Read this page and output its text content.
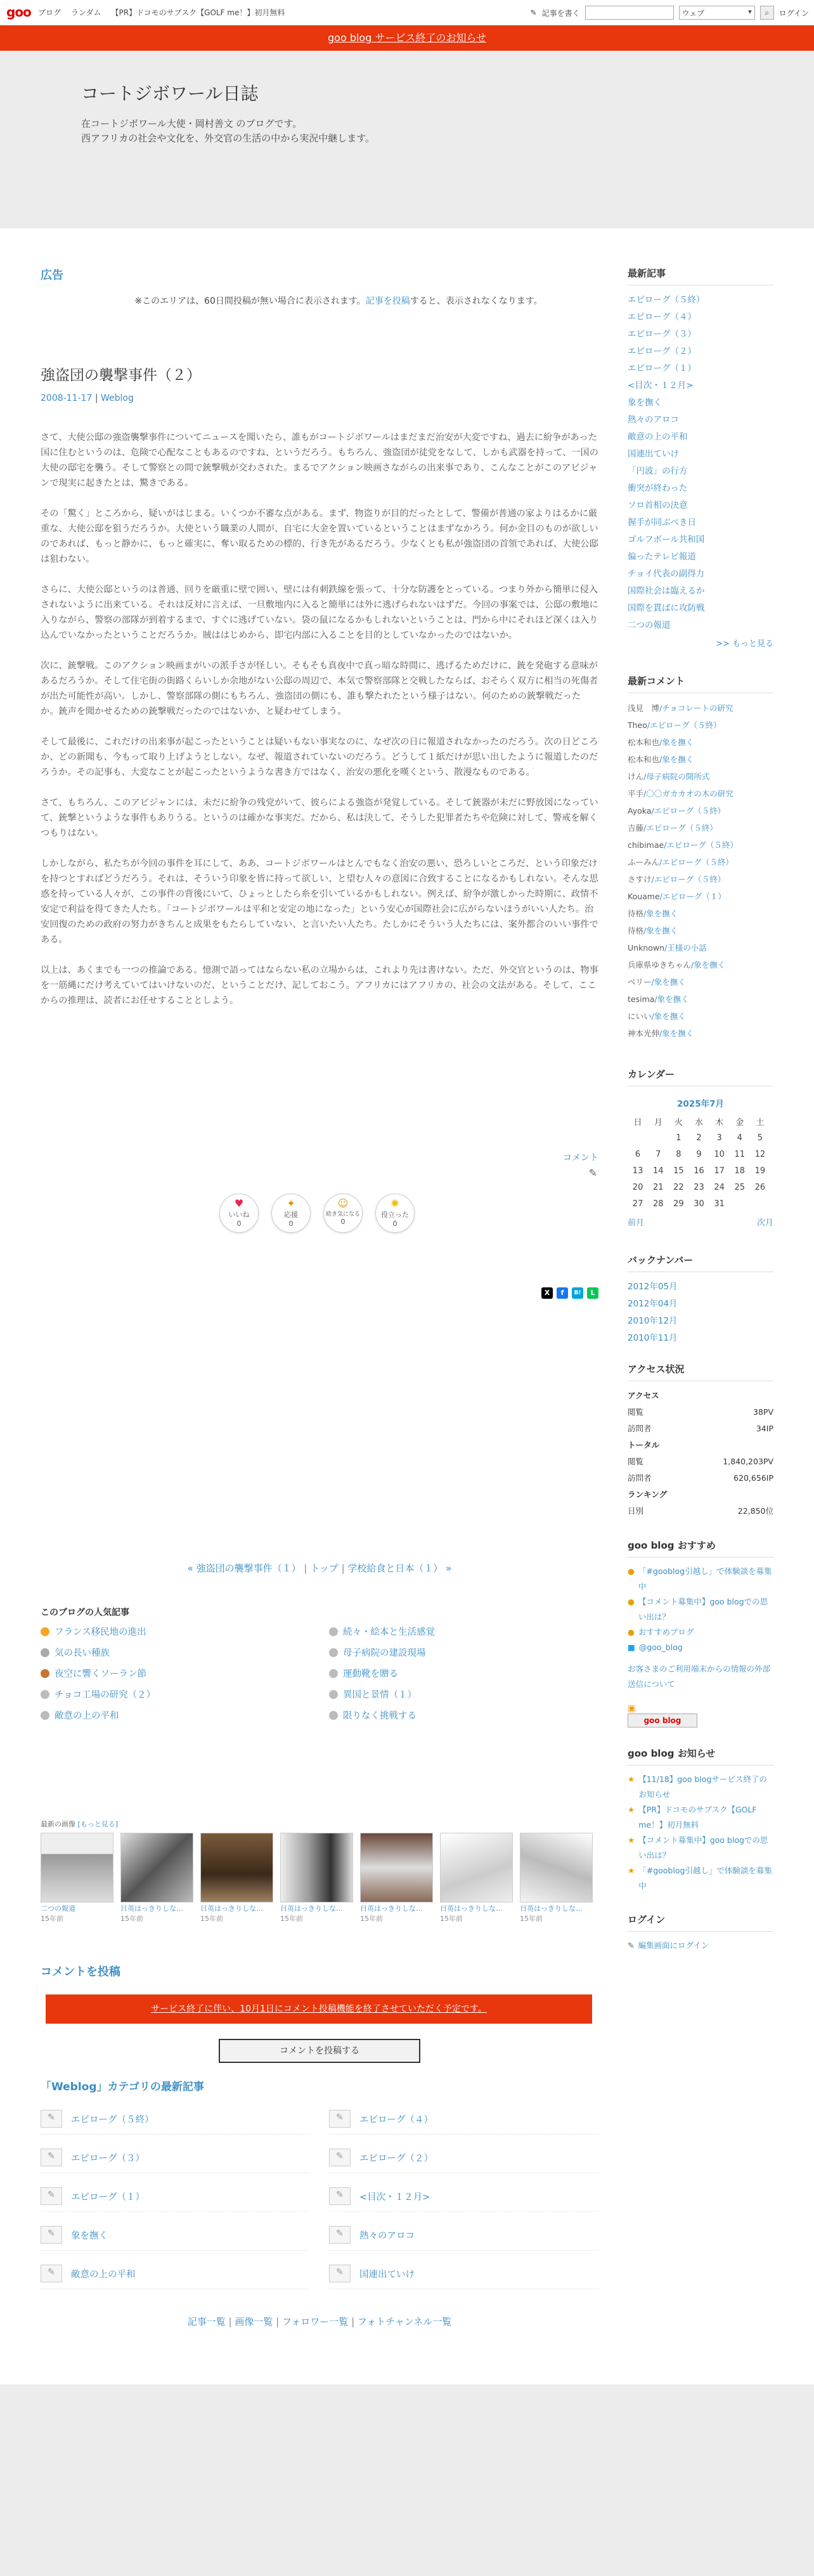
goo ブログ ランダム 【PR】ドコモのサブスク【GOLF me！】初月無料	✎ 記事を書く	ウェブ ▾	⌕	ログイン
goo blog サービス終了のお知らせ
コートジボワール日誌

在コートジボワール大使・岡村善文 のブログです。
西アフリカの社会や文化を、外交官の生活の中から実況中継します。

広告
※このエリアは、60日間投稿が無い場合に表示されます。記事を投稿すると、表示されなくなります。
強盗団の襲撃事件（２）
2008-11-17 | Weblog

さて、大使公邸の強盗襲撃事件についてニュースを聞いたら、誰もがコートジボワールはまだまだ治安が大変ですね、過去に紛争があった国に住むというのは、危険で心配なこともあるのですね、というだろう。もちろん、強盗団が徒党をなして、しかも武器を持って、一国の大使の邸宅を襲う。そして警察との間で銃撃戦が交わされた。まるでアクション映画さながらの出来事であり、こんなことがこのアビジャンで現実に起きたとは、驚きである。

その「驚く」ところから、疑いがはじまる。いくつか不審な点がある。まず、物盗りが目的だったとして、警備が普通の家よりはるかに厳重な、大使公邸を狙うだろうか。大使という職業の人間が、自宅に大金を置いているということはまずなかろう。何か金目のものが欲しいのであれば、もっと静かに、もっと確実に、奪い取るための標的、行き先があるだろう。少なくとも私が強盗団の首領であれば、大使公邸は狙わない。

さらに、大使公邸というのは普通、回りを厳重に壁で囲い、壁には有刺鉄線を張って、十分な防護をとっている。つまり外から簡単に侵入されないように出来ている。それは反対に言えば、一旦敷地内に入ると簡単には外に逃げられないはずだ。今回の事案では、公邸の敷地に入りながら、警察の部隊が到着するまで、すぐに逃げていない。袋の鼠になるかもしれないということは、門から中にそれほど深くは入り込んでいなかったということだろうか。賊ははじめから、即宅内部に入ることを目的としていなかったのではないか。

次に、銃撃戦。このアクション映画まがいの派手さが怪しい。そもそも真夜中で真っ暗な時間に、逃げるためだけに、銃を発砲する意味があるだろうか。そして住宅街の街路くらいしか余地がない公邸の周辺で、本気で警察部隊と交戦したならば、おそらく双方に相当の死傷者が出た可能性が高い。しかし、警察部隊の側にもちろん、強盗団の側にも、誰も撃たれたという様子はない。何のための銃撃戦だったか。銃声を聞かせるための銃撃戦だったのではないか、と疑わせてしまう。

そして最後に、これだけの出来事が起こったということは疑いもない事実なのに、なぜ次の日に報道されなかったのだろう。次の日どころか、どの新聞も、今もって取り上げようとしない。なぜ、報道されていないのだろう。どうして１紙だけが思い出したように報道したのだろうか。その記事も、大変なことが起こったというような書き方ではなく、治安の悪化を嘆くという、散漫なものである。

さて、もちろん、このアビジャンには、未だに紛争の残党がいて、彼らによる強盗が発覚している。そして銃器が未だに野放図になっていて、銃撃というような事件もありうる。というのは確かな事実だ。だから、私は決して、そうした犯罪者たちや危険に対して、警戒を解くつもりはない。

しかしながら、私たちが今回の事件を耳にして、ああ、コートジボワールはとんでもなく治安の悪い、恐ろしいところだ、という印象だけを持つとすればどうだろう。それは、そういう印象を皆に持って欲しい、と望む人々の意図に合致することになるかもしれない。そんな思惑を持っている人々が、この事件の背後にいて、ひょっとしたら糸を引いているかもしれない。例えば、紛争が激しかった時期に、政情不安定で利益を得てきた人たち。「コートジボワールは平和と安定の地になった」という安心が国際社会に広がらないほうがいい人たち。治安回復のための政府の努力がきちんと成果をもたらしていない、と言いたい人たち。たしかにそういう人たちには、案外都合のいい事件である。

以上は、あくまでも一つの推論である。憶測で語ってはならない私の立場からは、これより先は書けない。ただ、外交官というのは、物事を一筋縄にだけ考えていてはいけないのだ、ということだけ、記しておこう。アフリカにはアフリカの、社会の文法がある。そして、ここからの推理は、読者にお任せすることとしよう。

コメント
✎
♥
いいね
0
✦
応援
0
☺
続き気になる
0
✺
役立った
0
X	f	B!	L
« 強盗団の襲撃事件（１） | トップ | 学校給食と日本（１） »
このブログの人気記事
フランス移民地の進出	続々・絵本と生活感覚
気の長い種族	母子病院の建設現場
夜空に響くソーラン節	運動靴を贈る
チョコ工場の研究（２）	異国と景情（１）
敵意の上の平和	限りなく挑戦する
最新の画像 [もっと見る]
二つの報道
15年前
日英はっきりしな…
15年前
日英はっきりしな…
15年前
日英はっきりしな…
15年前
日英はっきりしな…
15年前
日英はっきりしな…
15年前
日英はっきりしな…
15年前
コメントを投稿
サービス終了に伴い、10月1日にコメント投稿機能を終了させていただく予定です。
コメントを投稿する
「Weblog」カテゴリの最新記事
✎
エピローグ（５終） ✎	エピローグ（４）
✎
エピローグ（３） ✎	エピローグ（２）
✎
エピローグ（１） ✎	<目次・１２月>
✎
象を撫く ✎	熱々のアロコ
✎
敵意の上の平和 ✎	国連出ていけ
記事一覧 | 画像一覧 | フォロワー一覧 | フォトチャンネル一覧
最新記事
エピローグ（５終）
エピローグ（４）
エピローグ（３）
エピローグ（２）
エピローグ（１）
<目次・１２月>
象を撫く
熱々のアロコ
敵意の上の平和
国連出ていけ
「円波」の行方
衝突が終わった
ソロ首相の決意
握手が同ぶべき日
ゴルフボール共和国
偏ったテレビ報道
チョイ代表の副得力
国際社会は臨えるか
国際を貫ばに攻防戦
二つの報道
>> もっと見る
最新コメント
浅見　博/チョコレートの研究
Theo/エピローグ（５終）
松本和也/象を撫く
松本和也/象を撫く
けん/母子病院の開所式
平手/〇〇ガカカオの木の研究
Ayoka/エピローグ（５終）
吉藤/エピローグ（５終）
chibimae/エピローグ（５終）
ふーみん/エピローグ（５終）
さすけ/エピローグ（５終）
Kouame/エピローグ（１）
待格/象を撫く
待格/象を撫く
Unknown/王様の小話
兵庫県ゆきちゃん/象を撫く
ベリー/象を撫く
tesima/象を撫く
にいい/象を撫く
神本光伸/象を撫く
カレンダー
2025年7月
日	月	火	水	木	金	土
		1	2	3	4	5
6	7	8	9	10	11	12
13	14	15	16	17	18	19
20	21	22	23	24	25	26
27	28	29	30	31		
前月	次月
バックナンバー
2012年05月
2012年04月
2010年12月
2010年11月
アクセス状況
アクセス
閲覧	38PV
訪問者	34IP
トータル
閲覧	1,840,203PV
訪問者	620,656IP
ランキング
日別	22,850位
goo blog おすすめ
● 「#gooblog引越し」で体験談を募集中
● 【コメント募集中】goo blogでの思い出は？
● おすすめブログ
■ @goo_blog
お客さまのご利用端末からの情報の外部送信について
▣
goo blog
goo blog お知らせ
★ 【11/18】goo blogサービス終了のお知らせ
★ 【PR】ドコモのサブスク【GOLF me！】初月無料
★ 【コメント募集中】goo blogでの思い出は？
★ 「#gooblog引越し」で体験談を募集中
ログイン
✎ 編集画面にログイン
